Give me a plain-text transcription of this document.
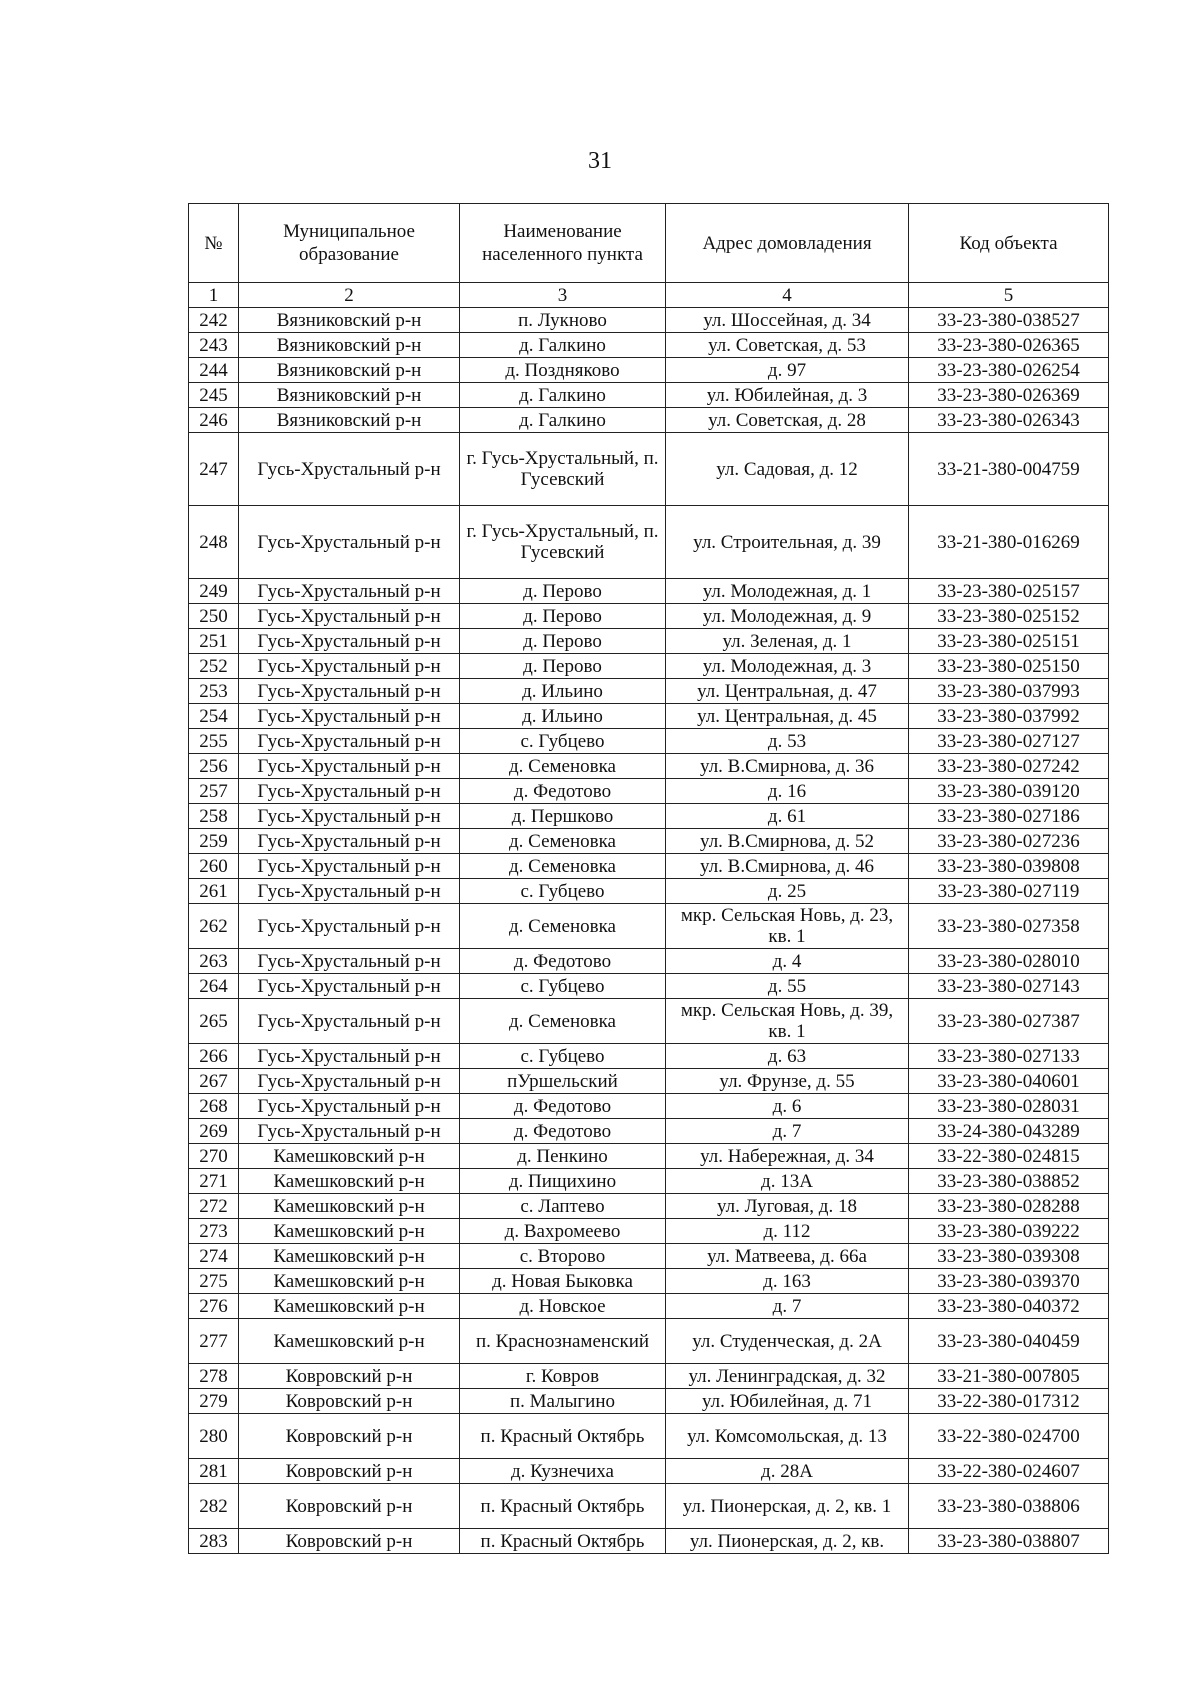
31
№	Муниципальное образование	Наименование населенного пункта	Адрес домовладения	Код объекта
1	2	3	4	5
242	Вязниковский р-н	п. Лукново	ул. Шоссейная, д. 34	33-23-380-038527
243	Вязниковский р-н	д. Галкино	ул. Советская, д. 53	33-23-380-026365
244	Вязниковский р-н	д. Поздняково	д. 97	33-23-380-026254
245	Вязниковский р-н	д. Галкино	ул. Юбилейная, д. 3	33-23-380-026369
246	Вязниковский р-н	д. Галкино	ул. Советская, д. 28	33-23-380-026343
247	Гусь-Хрустальный р-н	г. Гусь-Хрустальный, п. Гусевский	ул. Садовая, д. 12	33-21-380-004759
248	Гусь-Хрустальный р-н	г. Гусь-Хрустальный, п. Гусевский	ул. Строительная, д. 39	33-21-380-016269
249	Гусь-Хрустальный р-н	д. Перово	ул. Молодежная, д. 1	33-23-380-025157
250	Гусь-Хрустальный р-н	д. Перово	ул. Молодежная, д. 9	33-23-380-025152
251	Гусь-Хрустальный р-н	д. Перово	ул. Зеленая, д. 1	33-23-380-025151
252	Гусь-Хрустальный р-н	д. Перово	ул. Молодежная, д. 3	33-23-380-025150
253	Гусь-Хрустальный р-н	д. Ильино	ул. Центральная, д. 47	33-23-380-037993
254	Гусь-Хрустальный р-н	д. Ильино	ул. Центральная, д. 45	33-23-380-037992
255	Гусь-Хрустальный р-н	с. Губцево	д. 53	33-23-380-027127
256	Гусь-Хрустальный р-н	д. Семеновка	ул. В.Смирнова, д. 36	33-23-380-027242
257	Гусь-Хрустальный р-н	д. Федотово	д. 16	33-23-380-039120
258	Гусь-Хрустальный р-н	д. Першково	д. 61	33-23-380-027186
259	Гусь-Хрустальный р-н	д. Семеновка	ул. В.Смирнова, д. 52	33-23-380-027236
260	Гусь-Хрустальный р-н	д. Семеновка	ул. В.Смирнова, д. 46	33-23-380-039808
261	Гусь-Хрустальный р-н	с. Губцево	д. 25	33-23-380-027119
262	Гусь-Хрустальный р-н	д. Семеновка	мкр. Сельская Новь, д. 23, кв. 1	33-23-380-027358
263	Гусь-Хрустальный р-н	д. Федотово	д. 4	33-23-380-028010
264	Гусь-Хрустальный р-н	с. Губцево	д. 55	33-23-380-027143
265	Гусь-Хрустальный р-н	д. Семеновка	мкр. Сельская Новь, д. 39, кв. 1	33-23-380-027387
266	Гусь-Хрустальный р-н	с. Губцево	д. 63	33-23-380-027133
267	Гусь-Хрустальный р-н	пУршельский	ул. Фрунзе, д. 55	33-23-380-040601
268	Гусь-Хрустальный р-н	д. Федотово	д. 6	33-23-380-028031
269	Гусь-Хрустальный р-н	д. Федотово	д. 7	33-24-380-043289
270	Камешковский р-н	д. Пенкино	ул. Набережная, д. 34	33-22-380-024815
271	Камешковский р-н	д. Пищихино	д. 13А	33-23-380-038852
272	Камешковский р-н	с. Лаптево	ул. Луговая, д. 18	33-23-380-028288
273	Камешковский р-н	д. Вахромеево	д. 112	33-23-380-039222
274	Камешковский р-н	с. Второво	ул. Матвеева, д. 66а	33-23-380-039308
275	Камешковский р-н	д. Новая Быковка	д. 163	33-23-380-039370
276	Камешковский р-н	д. Новское	д. 7	33-23-380-040372
277	Камешковский р-н	п. Краснознаменский	ул. Студенческая, д. 2А	33-23-380-040459
278	Ковровский р-н	г. Ковров	ул. Ленинградская, д. 32	33-21-380-007805
279	Ковровский р-н	п. Малыгино	ул. Юбилейная, д. 71	33-22-380-017312
280	Ковровский р-н	п. Красный Октябрь	ул. Комсомольская, д. 13	33-22-380-024700
281	Ковровский р-н	д. Кузнечиха	д. 28А	33-22-380-024607
282	Ковровский р-н	п. Красный Октябрь	ул. Пионерская, д. 2, кв. 1	33-23-380-038806
283	Ковровский р-н	п. Красный Октябрь	ул. Пионерская, д. 2, кв.	33-23-380-038807
